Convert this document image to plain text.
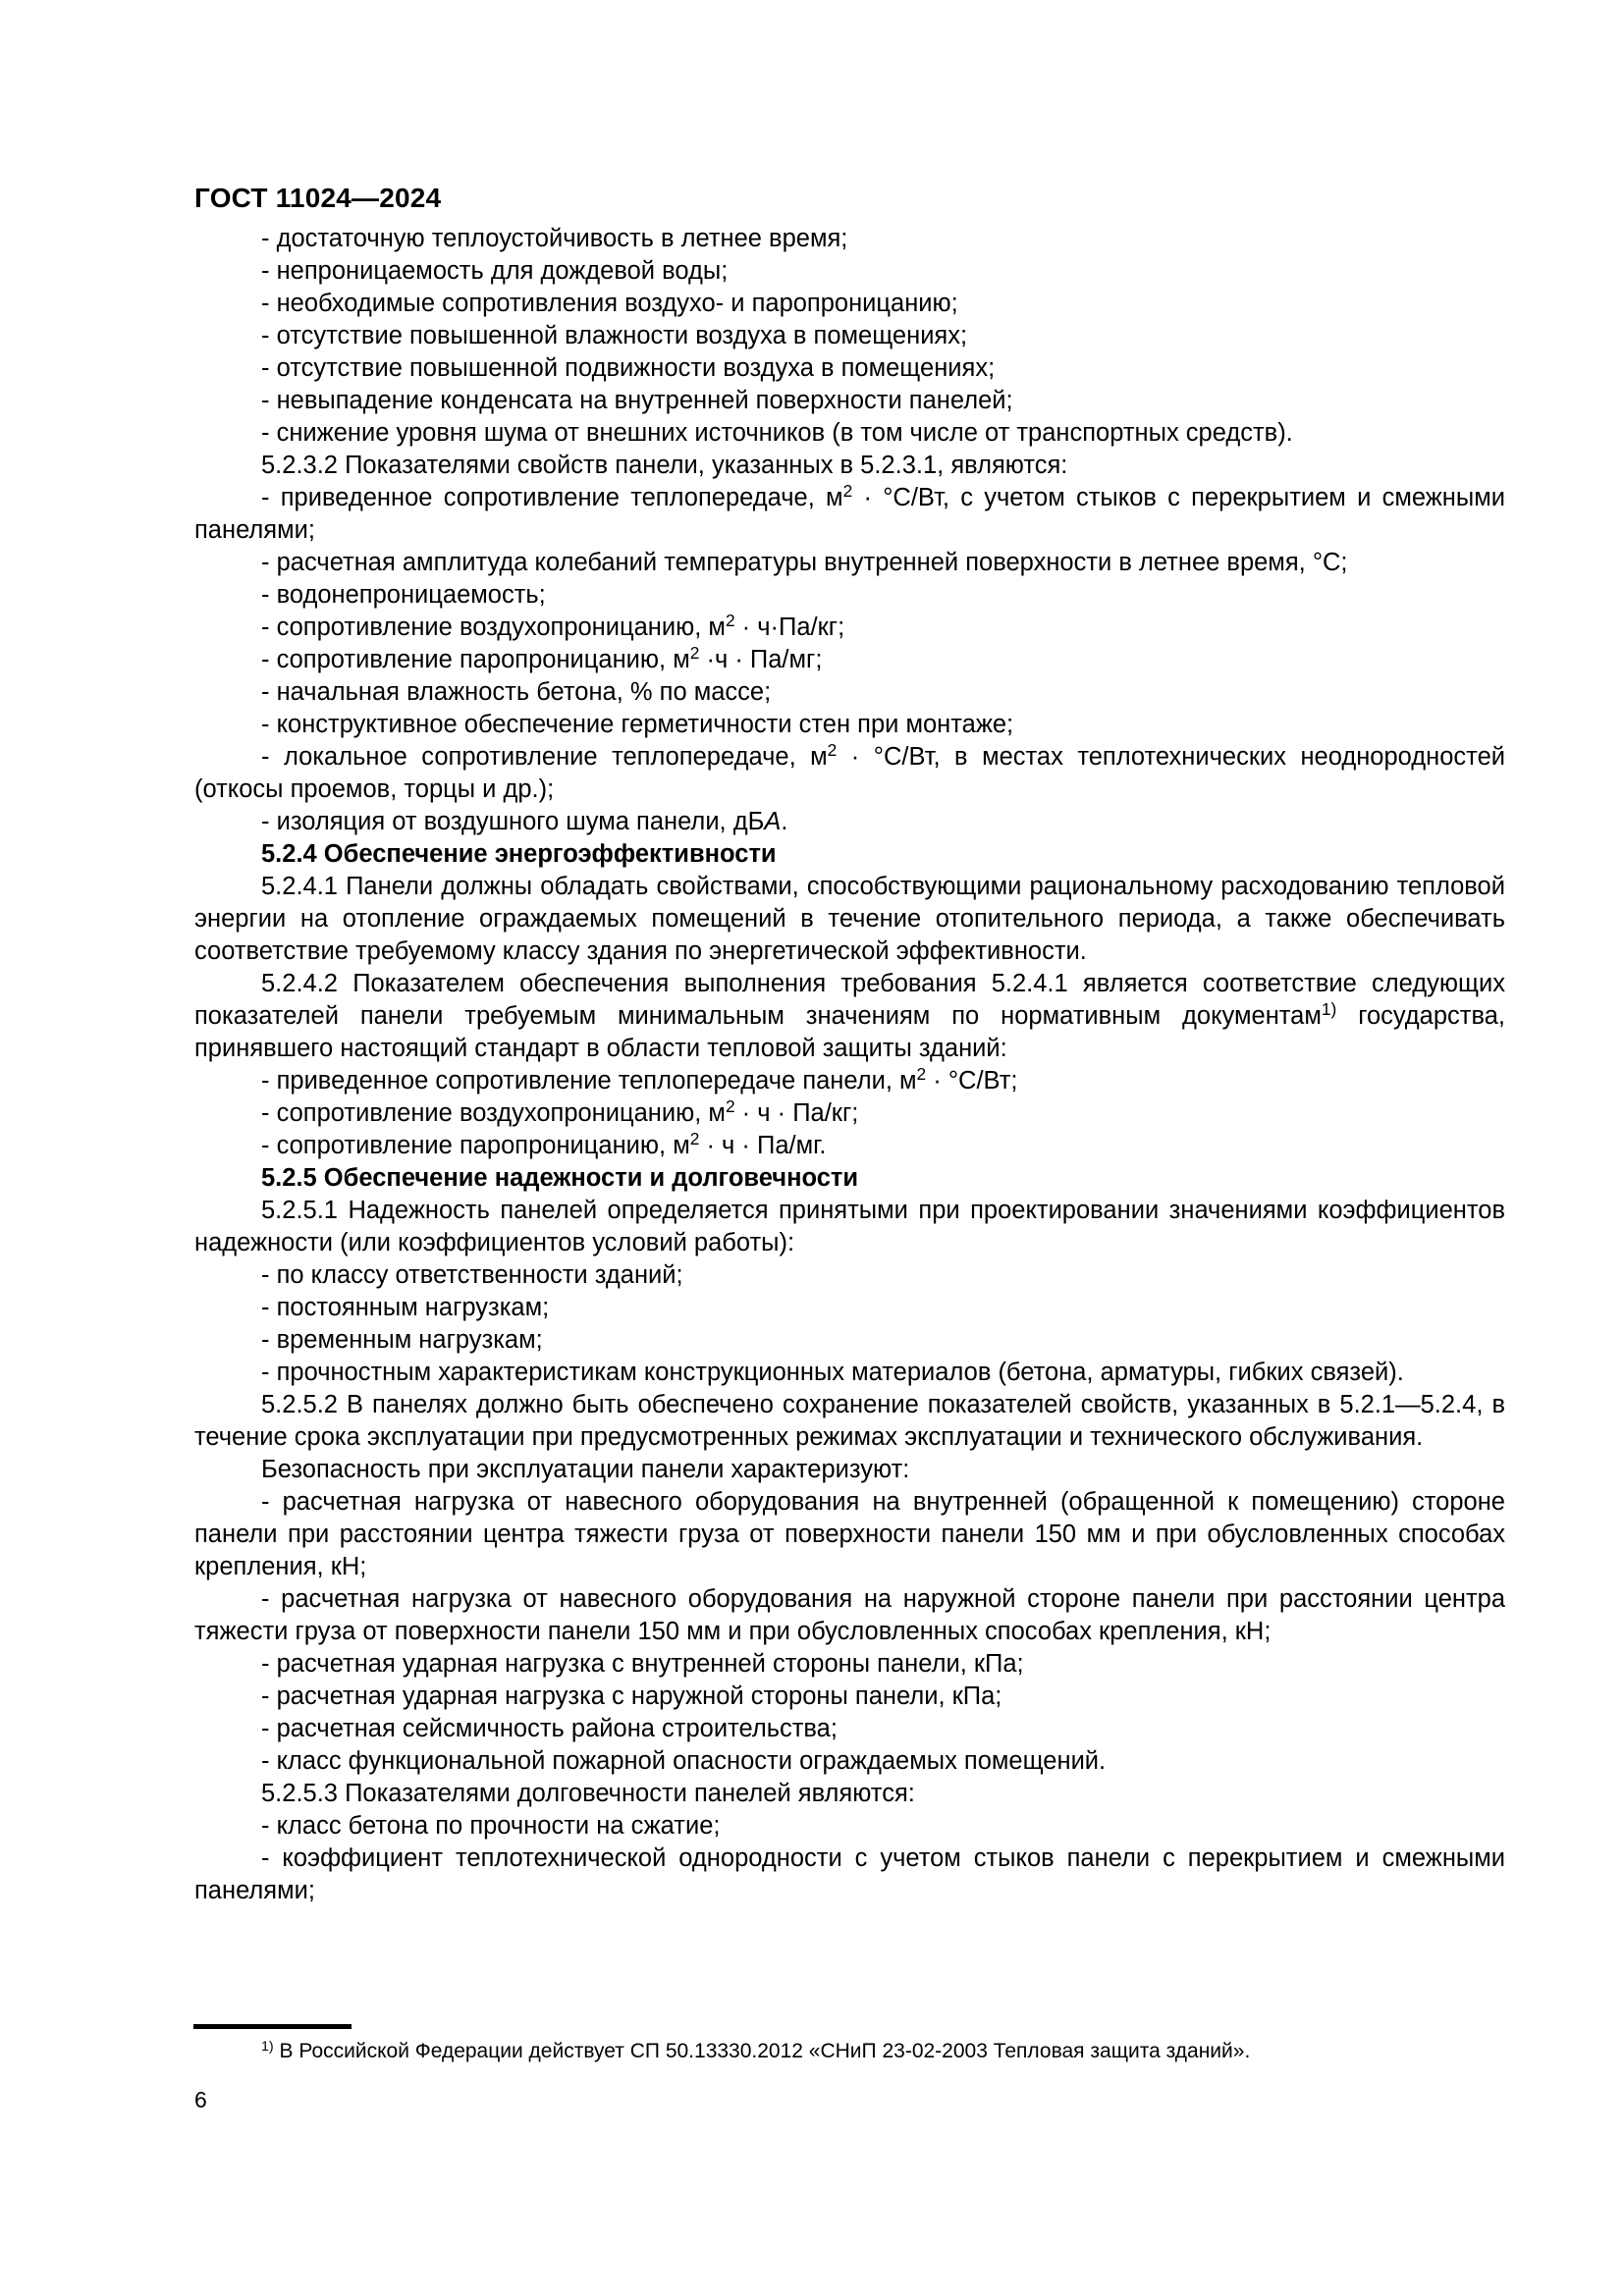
ГОСТ 11024—2024

- достаточную теплоустойчивость в летнее время;

- непроницаемость для дождевой воды;

- необходимые сопротивления воздухо- и паропроницанию;

- отсутствие повышенной влажности воздуха в помещениях;

- отсутствие повышенной подвижности воздуха в помещениях;

- невыпадение конденсата на внутренней поверхности панелей;

- снижение уровня шума от внешних источников (в том числе от транспортных средств).

5.2.3.2 Показателями свойств панели, указанных в 5.2.3.1, являются:

- приведенное сопротивление теплопередаче, $м^2 \cdot ^\circ С/Вт$, с учетом стыков с перекрытием и смежными панелями;

- расчетная амплитуда колебаний температуры внутренней поверхности в летнее время, °С;

- водонепроницаемость;

- сопротивление воздухопроницанию, $м^2 \cdot ч\cdot Па/кг$;

- сопротивление паропроницанию, $м^2 \cdot ч \cdot Па/мг$;

- начальная влажность бетона, % по массе;

- конструктивное обеспечение герметичности стен при монтаже;

- локальное сопротивление теплопередаче, $м^2 \cdot ^\circ С/Вт$, в местах теплотехнических неоднородностей (откосы проемов, торцы и др.);

- изоляция от воздушного шума панели, дБА.

5.2.4 Обеспечение энергоэффективности

5.2.4.1 Панели должны обладать свойствами, способствующими рациональному расходованию тепловой энергии на отопление ограждаемых помещений в течение отопительного периода, а также обеспечивать соответствие требуемому классу здания по энергетической эффективности.

5.2.4.2 Показателем обеспечения выполнения требования 5.2.4.1 является соответствие следующих показателей панели требуемым минимальным значениям по нормативным документам$^{1)}$ государства, принявшего настоящий стандарт в области тепловой защиты зданий:

- приведенное сопротивление теплопередаче панели, $м^2 \cdot ^\circ С/Вт$;

- сопротивление воздухопроницанию, $м^2 \cdot ч \cdot Па/кг$;

- сопротивление паропроницанию, $м^2 \cdot ч \cdot Па/мг$.

5.2.5 Обеспечение надежности и долговечности

5.2.5.1 Надежность панелей определяется принятыми при проектировании значениями коэффициентов надежности (или коэффициентов условий работы):

- по классу ответственности зданий;

- постоянным нагрузкам;

- временным нагрузкам;

- прочностным характеристикам конструкционных материалов (бетона, арматуры, гибких связей).

5.2.5.2 В панелях должно быть обеспечено сохранение показателей свойств, указанных в 5.2.1—5.2.4, в течение срока эксплуатации при предусмотренных режимах эксплуатации и технического обслуживания.

Безопасность при эксплуатации панели характеризуют:

- расчетная нагрузка от навесного оборудования на внутренней (обращенной к помещению) стороне панели при расстоянии центра тяжести груза от поверхности панели 150 мм и при обусловленных способах крепления, кН;

- расчетная нагрузка от навесного оборудования на наружной стороне панели при расстоянии центра тяжести груза от поверхности панели 150 мм и при обусловленных способах крепления, кН;

- расчетная ударная нагрузка с внутренней стороны панели, кПа;

- расчетная ударная нагрузка с наружной стороны панели, кПа;

- расчетная сейсмичность района строительства;

- класс функциональной пожарной опасности ограждаемых помещений.

5.2.5.3 Показателями долговечности панелей являются:

- класс бетона по прочности на сжатие;

- коэффициент теплотехнической однородности с учетом стыков панели с перекрытием и смежными панелями;

$^{1)}$ В Российской Федерации действует СП 50.13330.2012 «СНиП 23-02-2003 Тепловая защита зданий».

6
